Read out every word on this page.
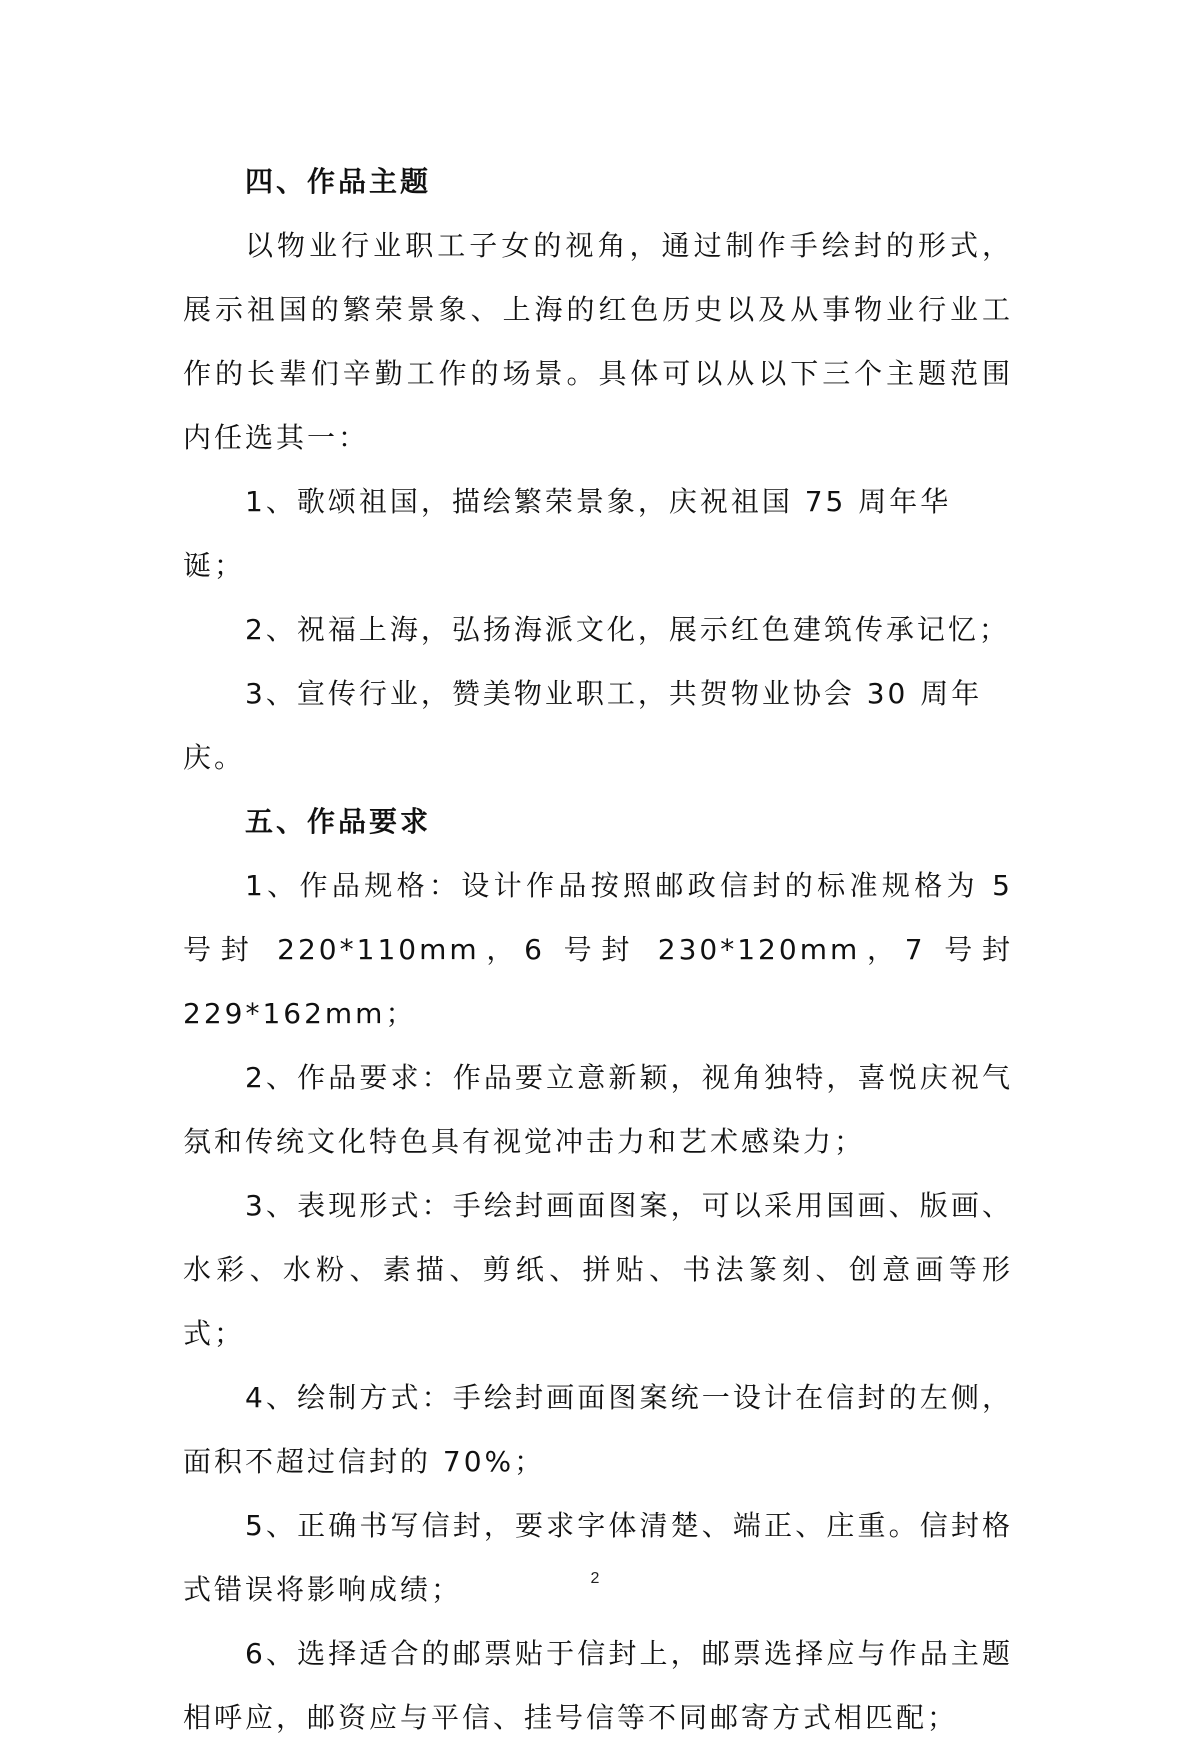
四、作品主题

以物业行业职工子女的视角，通过制作手绘封的形式，展示祖国的繁荣景象、上海的红色历史以及从事物业行业工作的长辈们辛勤工作的场景。具体可以从以下三个主题范围内任选其一：

1、歌颂祖国，描绘繁荣景象，庆祝祖国 75 周年华诞；

2、祝福上海，弘扬海派文化，展示红色建筑传承记忆；

3、宣传行业，赞美物业职工，共贺物业协会 30 周年庆。

五、作品要求

1、作品规格：设计作品按照邮政信封的标准规格为 5 号封 220*110mm，6 号封 230*120mm，7 号封 229*162mm；

2、作品要求：作品要立意新颖，视角独特，喜悦庆祝气氛和传统文化特色具有视觉冲击力和艺术感染力；

3、表现形式：手绘封画面图案，可以采用国画、版画、水彩、水粉、素描、剪纸、拼贴、书法篆刻、创意画等形式；

4、绘制方式：手绘封画面图案统一设计在信封的左侧，面积不超过信封的 70%；

5、正确书写信封，要求字体清楚、端正、庄重。信封格式错误将影响成绩；

6、选择适合的邮票贴于信封上，邮票选择应与作品主题相呼应，邮资应与平信、挂号信等不同邮寄方式相匹配；

2
